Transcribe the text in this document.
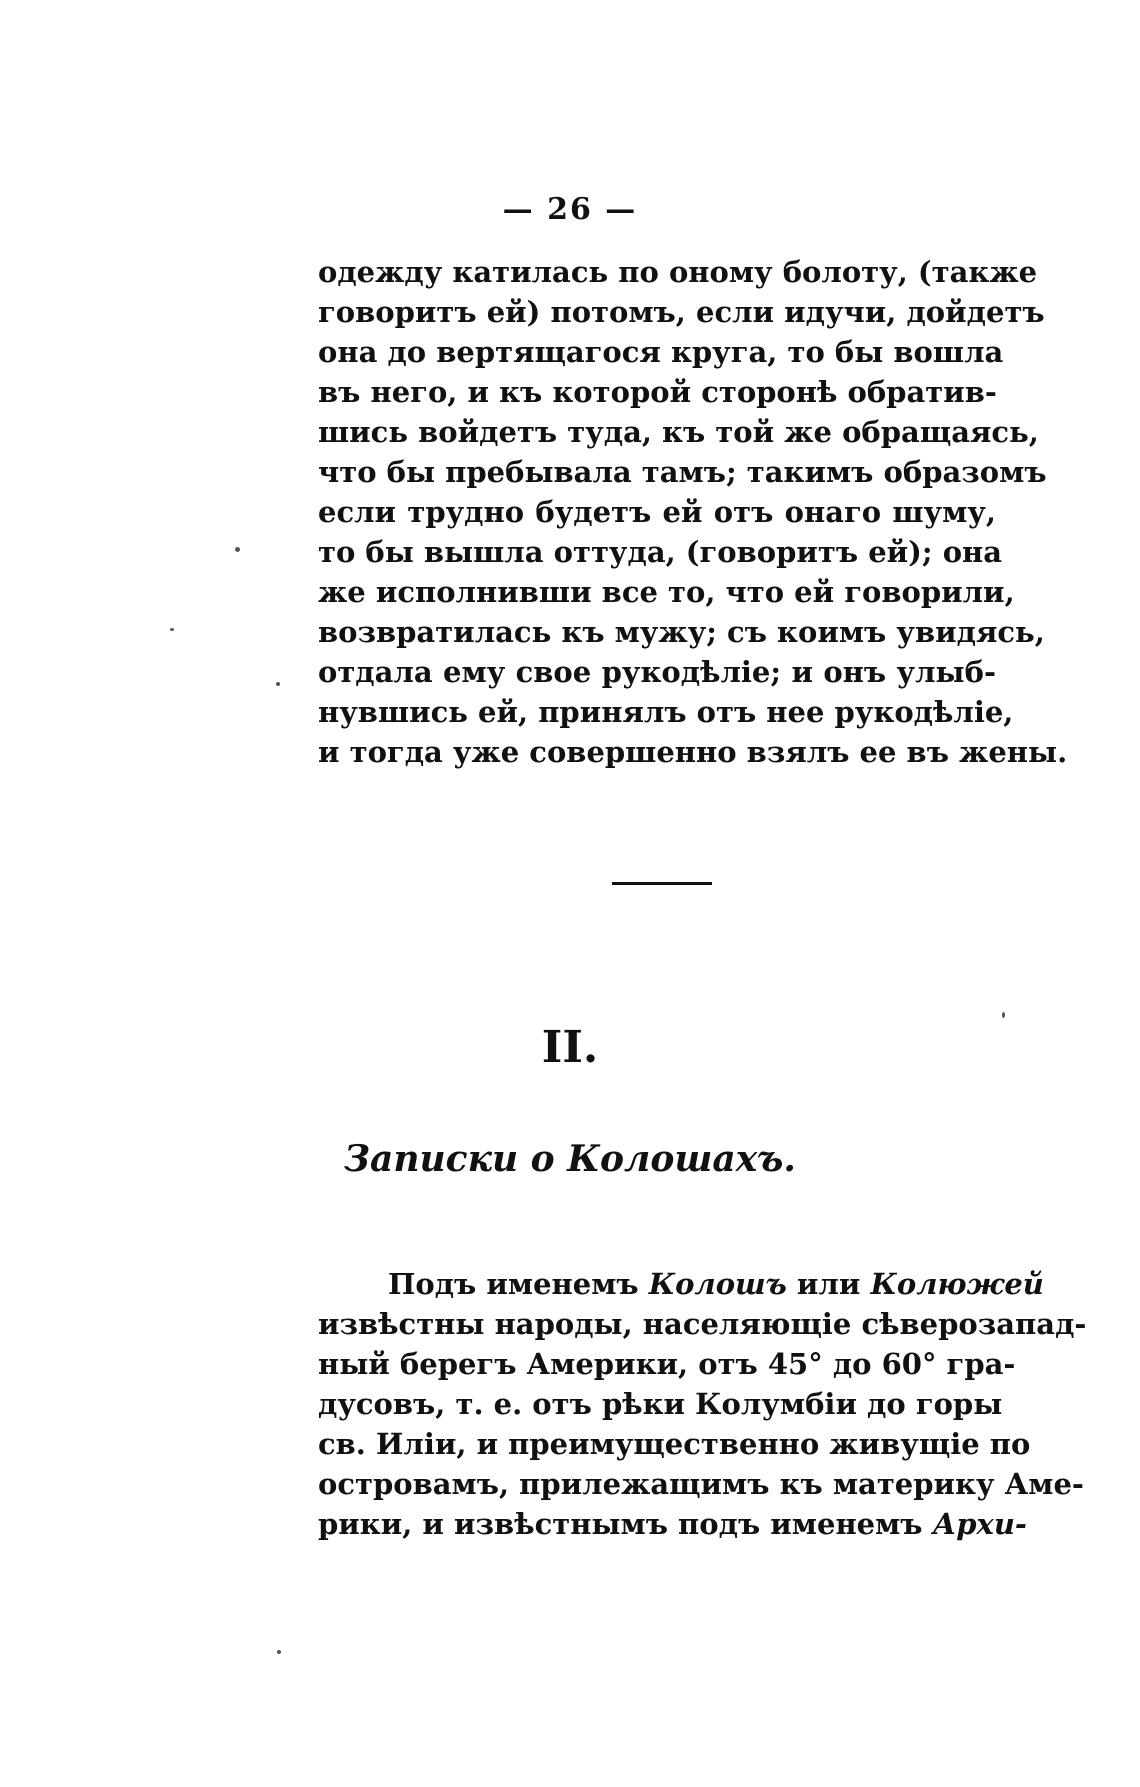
— 26 —
одежду катилась по оному болоту, (также
говоритъ ей) потомъ, если идучи, дойдетъ
она до вертящагося круга, то бы вошла
въ него, и къ которой сторонѣ обратив-
шись войдетъ туда, къ той же обращаясь,
что бы пребывала тамъ; такимъ образомъ
если трудно будетъ ей отъ онаго шуму,
то бы вышла оттуда, (говоритъ ей); она
же исполнивши все то, что ей говорили,
возвратилась къ мужу; съ коимъ увидясь,
отдала ему свое рукодѣліе; и онъ улыб-
нувшись ей, принялъ отъ нее рукодѣліе,
и тогда уже совершенно взялъ ее въ жены.
II.
Записки о Колошахъ.
Подъ именемъ Колошъ или Колюжей
извѣстны народы, населяющіе сѣверозапад-
ный берегъ Америки, отъ 45° до 60° гра-
дусовъ, т. е. отъ рѣки Колумбіи до горы
св. Иліи, и преимущественно живущіе по
островамъ, прилежащимъ къ материку Аме-
рики, и извѣстнымъ подъ именемъ Архи-
